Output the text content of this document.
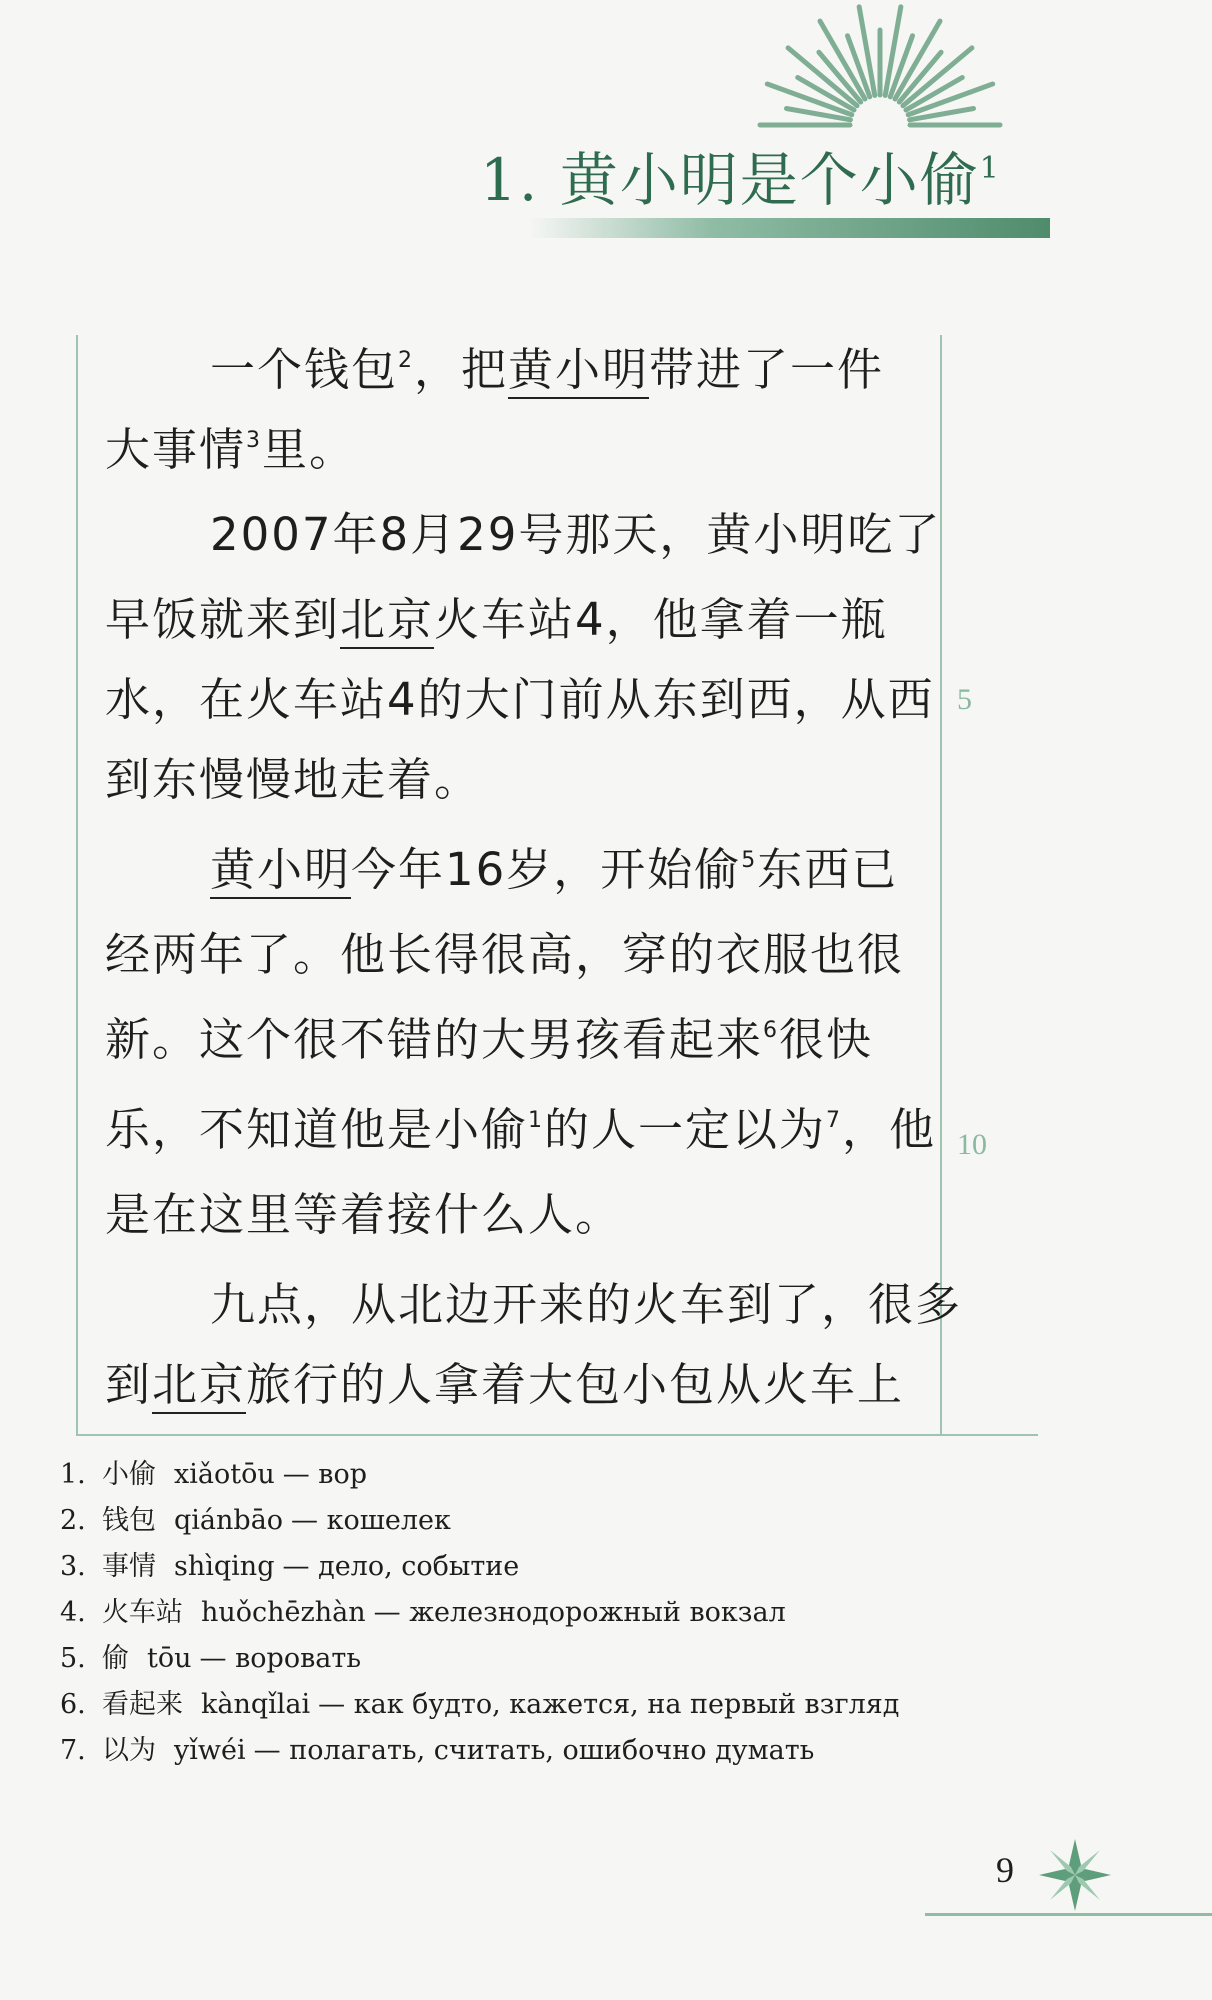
1. 黄小明是个小偷$^1$
5
10
一个钱包$^2$，把黄小明带进了一件
大事情$^3$里。
2007年8月29号那天，黄小明吃了
早饭就来到北京火车站4，他拿着一瓶
水，在火车站4的大门前从东到西，从西
到东慢慢地走着。
黄小明今年16岁，开始偷$^5$东西已
经两年了。他长得很高，穿的衣服也很
新。这个很不错的大男孩看起来$^6$很快
乐，不知道他是小偷$^1$的人一定以为$^7$，他
是在这里等着接什么人。
九点，从北边开来的火车到了，很多
到北京旅行的人拿着大包小包从火车上
1. 小偷 xiǎotōu — вор
2. 钱包 qiánbāo — кошелек
3. 事情 shìqing — дело, событие
4. 火车站 huǒchēzhàn — железнодорожный вокзал
5. 偷 tōu — воровать
6. 看起来 kànqǐlai — как будто, кажется, на первый взгляд
7. 以为 yǐwéi — полагать, считать, ошибочно думать
9
